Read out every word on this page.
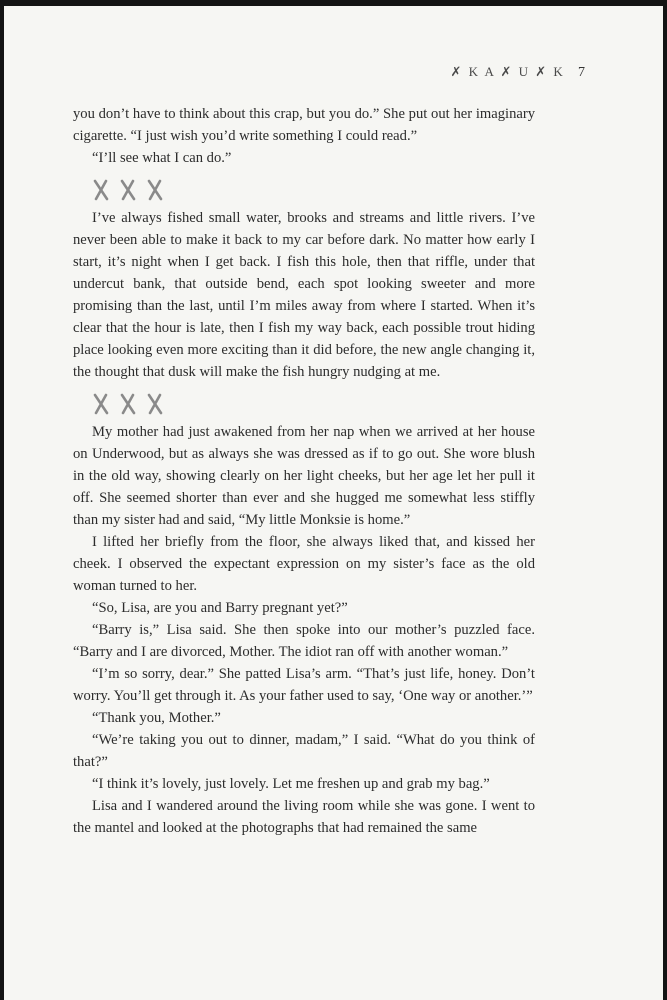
✗ K A ✗ U ✗ K 7

you don’t have to think about this crap, but you do.” She put out her imaginary cigarette. “I just wish you’d write something I could read.”

“I’ll see what I can do.”

I’ve always fished small water, brooks and streams and little rivers. I’ve never been able to make it back to my car before dark. No matter how early I start, it’s night when I get back. I fish this hole, then that riffle, under that undercut bank, that outside bend, each spot looking sweeter and more promising than the last, until I’m miles away from where I started. When it’s clear that the hour is late, then I fish my way back, each possible trout hiding place looking even more exciting than it did before, the new angle changing it, the thought that dusk will make the fish hungry nudging at me.

My mother had just awakened from her nap when we arrived at her house on Underwood, but as always she was dressed as if to go out. She wore blush in the old way, showing clearly on her light cheeks, but her age let her pull it off. She seemed shorter than ever and she hugged me somewhat less stiffly than my sister had and said, “My little Monksie is home.”

I lifted her briefly from the floor, she always liked that, and kissed her cheek. I observed the expectant expression on my sister’s face as the old woman turned to her.

“So, Lisa, are you and Barry pregnant yet?”

“Barry is,” Lisa said. She then spoke into our mother’s puzzled face. “Barry and I are divorced, Mother. The idiot ran off with another woman.”

“I’m so sorry, dear.” She patted Lisa’s arm. “That’s just life, honey. Don’t worry. You’ll get through it. As your father used to say, ‘One way or another.’”

“Thank you, Mother.”

“We’re taking you out to dinner, madam,” I said. “What do you think of that?”

“I think it’s lovely, just lovely. Let me freshen up and grab my bag.”

Lisa and I wandered around the living room while she was gone. I went to the mantel and looked at the photographs that had remained the same
